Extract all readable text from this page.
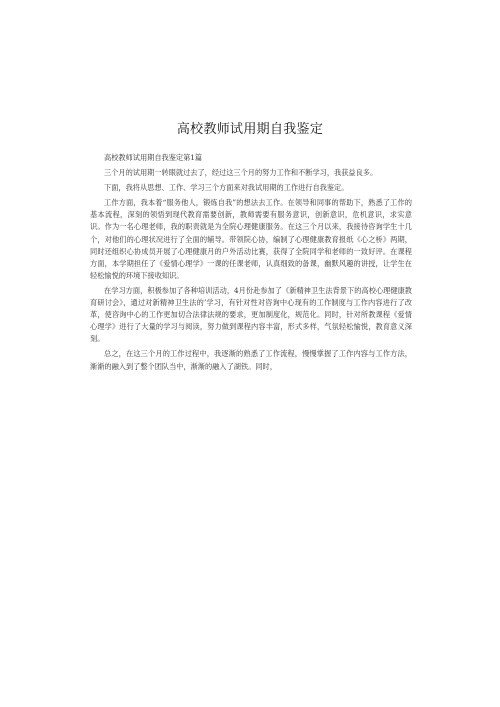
高校教师试用期自我鉴定

高校教师试用期自我鉴定第1篇

三个月的试用期一转眼就过去了，经过这三个月的努力工作和不断学习，我获益良多。

下面，我将从思想、工作、学习三个方面来对我试用期的工作进行自我鉴定。

工作方面，我本着“服务他人，锻炼自我”的想法去工作。在领导和同事的帮助下，熟悉了工作的基本流程，深刻的领悟到现代教育需要创新，教师需要有服务意识，创新意识，危机意识，求实意识。作为一名心理老师，我的职责就是为全院心理健康服务。在这三个月以来，我接待咨询学生十几个，对他们的心理状况进行了全面的辅导。带领院心协，编制了心理健康教育报纸《心之桥》两期，同时还组织心协成员开展了心理健康月的户外活动比赛，获得了全院同学和老师的一致好评。在课程方面，本学期担任了《爱情心理学》一课的任课老师，认真细致的备课，幽默风趣的讲授，让学生在轻松愉悦的环境下接收知识。

在学习方面，积极参加了各种培训活动，4月份赴参加了《新精神卫生法背景下的高校心理健康教育研讨会》，通过对新精神卫生法的’学习，有针对性对咨询中心现有的工作制度与工作内容进行了改革，使咨询中心的工作更加切合法律法规的要求，更加制度化，规范化。同时，针对所教课程《爱情心理学》进行了大量的学习与阅读，努力做到课程内容丰富，形式多样，气氛轻松愉悦，教育意义深刻。

总之，在这三个月的工作过程中，我逐渐的熟悉了工作流程，慢慢掌握了工作内容与工作方法，渐渐的融入到了整个团队当中，渐渐的融入了湖铁。同时，
